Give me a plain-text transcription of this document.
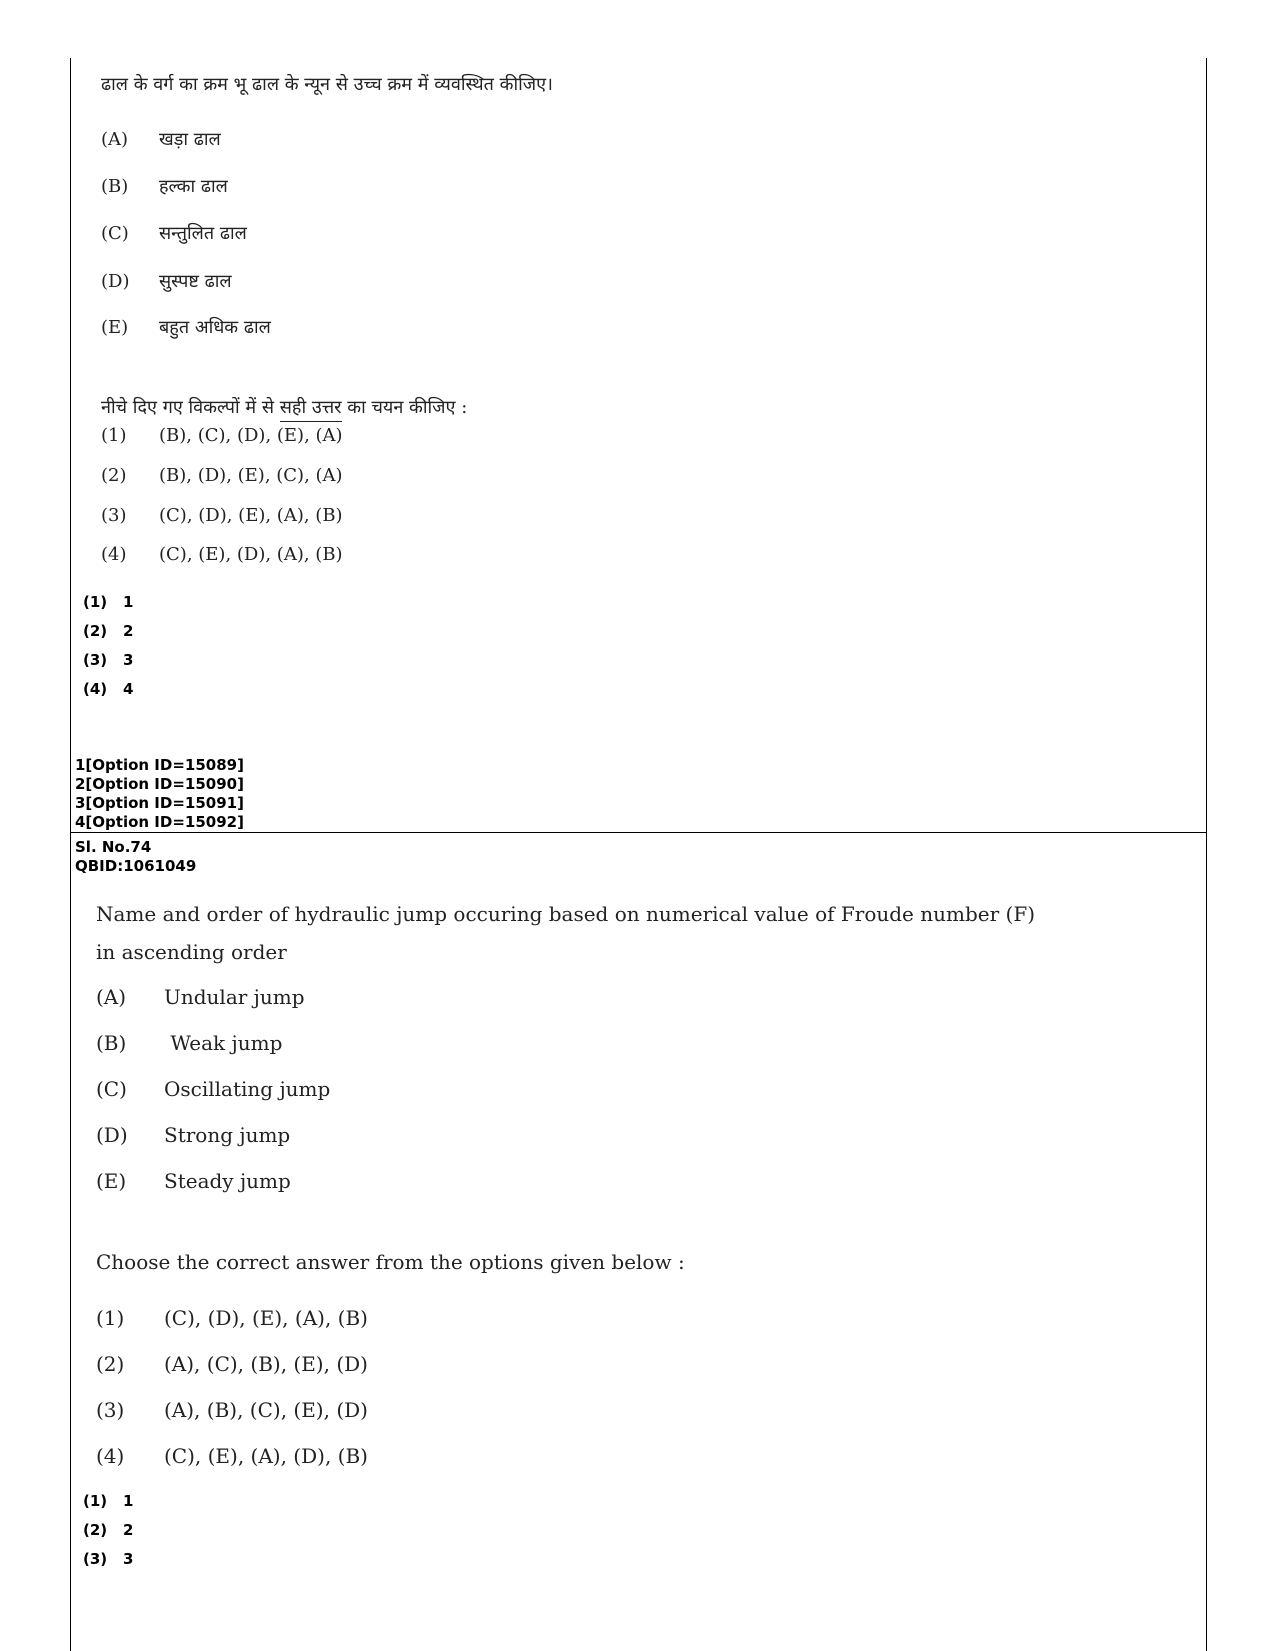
ढाल के वर्ग का क्रम भू ढाल के न्यून से उच्च क्रम में व्यवस्थित कीजिए।
(A) खड़ा ढाल
(B) हल्का ढाल
(C) सन्तुलित ढाल
(D) सुस्पष्ट ढाल
(E) बहुत अधिक ढाल
नीचे दिए गए विकल्पों में से सही उत्तर का चयन कीजिए :
(1) (B), (C), (D), (E), (A)
(2) (B), (D), (E), (C), (A)
(3) (C), (D), (E), (A), (B)
(4) (C), (E), (D), (A), (B)
(1) 1
(2) 2
(3) 3
(4) 4
1[Option ID=15089]
2[Option ID=15090]
3[Option ID=15091]
4[Option ID=15092]
Sl. No.74
QBID:1061049
Name and order of hydraulic jump occuring based on numerical value of Froude number (F)
in ascending order
(A) Undular jump
(B) Weak jump
(C) Oscillating jump
(D) Strong jump
(E) Steady jump
Choose the correct answer from the options given below :
(1) (C), (D), (E), (A), (B)
(2) (A), (C), (B), (E), (D)
(3) (A), (B), (C), (E), (D)
(4) (C), (E), (A), (D), (B)
(1) 1
(2) 2
(3) 3
